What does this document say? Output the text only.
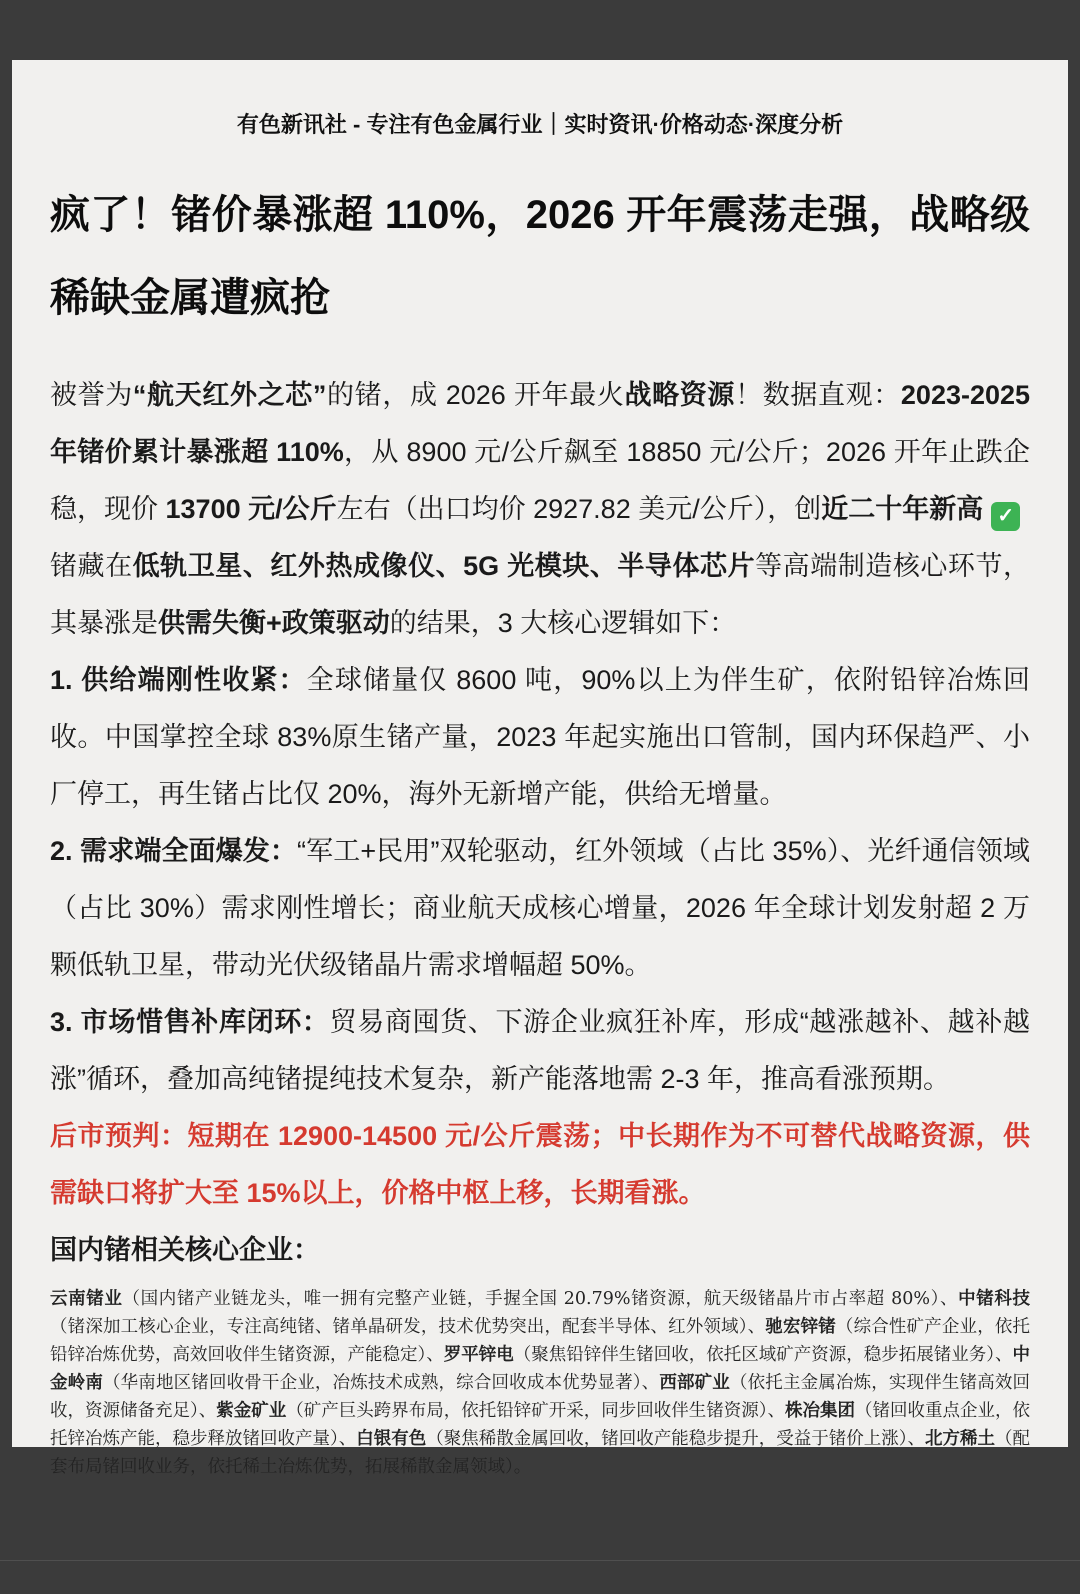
有色新讯社 - 专注有色金属行业｜实时资讯·价格动态·深度分析
疯了！锗价暴涨超 110%，2026 开年震荡走强，战略级稀缺金属遭疯抢

被誉为“航天红外之芯”的锗，成 2026 开年最火战略资源！数据直观：2023-2025 年锗价累计暴涨超 110%，从 8900 元/公斤飙至 18850 元/公斤；2026 开年止跌企稳，现价 13700 元/公斤左右（出口均价 2927.82 美元/公斤），创近二十年新高 ✓

锗藏在低轨卫星、红外热成像仪、5G 光模块、半导体芯片等高端制造核心环节，其暴涨是供需失衡+政策驱动的结果，3 大核心逻辑如下：

1. 供给端刚性收紧：全球储量仅 8600 吨，90%以上为伴生矿，依附铅锌冶炼回收。中国掌控全球 83%原生锗产量，2023 年起实施出口管制，国内环保趋严、小厂停工，再生锗占比仅 20%，海外无新增产能，供给无增量。

2. 需求端全面爆发：“军工+民用”双轮驱动，红外领域（占比 35%）、光纤通信领域（占比 30%）需求刚性增长；商业航天成核心增量，2026 年全球计划发射超 2 万颗低轨卫星，带动光伏级锗晶片需求增幅超 50%。

3. 市场惜售补库闭环：贸易商囤货、下游企业疯狂补库，形成“越涨越补、越补越涨”循环，叠加高纯锗提纯技术复杂，新产能落地需 2-3 年，推高看涨预期。

后市预判：短期在 12900-14500 元/公斤震荡；中长期作为不可替代战略资源，供需缺口将扩大至 15%以上，价格中枢上移，长期看涨。

国内锗相关核心企业：

云南锗业（国内锗产业链龙头，唯一拥有完整产业链，手握全国 20.79%锗资源，航天级锗晶片市占率超 80%）、中锗科技（锗深加工核心企业，专注高纯锗、锗单晶研发，技术优势突出，配套半导体、红外领域）、驰宏锌锗（综合性矿产企业，依托铅锌冶炼优势，高效回收伴生锗资源，产能稳定）、罗平锌电（聚焦铅锌伴生锗回收，依托区域矿产资源，稳步拓展锗业务）、中金岭南（华南地区锗回收骨干企业，冶炼技术成熟，综合回收成本优势显著）、西部矿业（依托主金属冶炼，实现伴生锗高效回收，资源储备充足）、紫金矿业（矿产巨头跨界布局，依托铅锌矿开采，同步回收伴生锗资源）、株冶集团（锗回收重点企业，依托锌冶炼产能，稳步释放锗回收产量）、白银有色（聚焦稀散金属回收，锗回收产能稳步提升，受益于锗价上涨）、北方稀土（配套布局锗回收业务，依托稀土冶炼优势，拓展稀散金属领域）。
